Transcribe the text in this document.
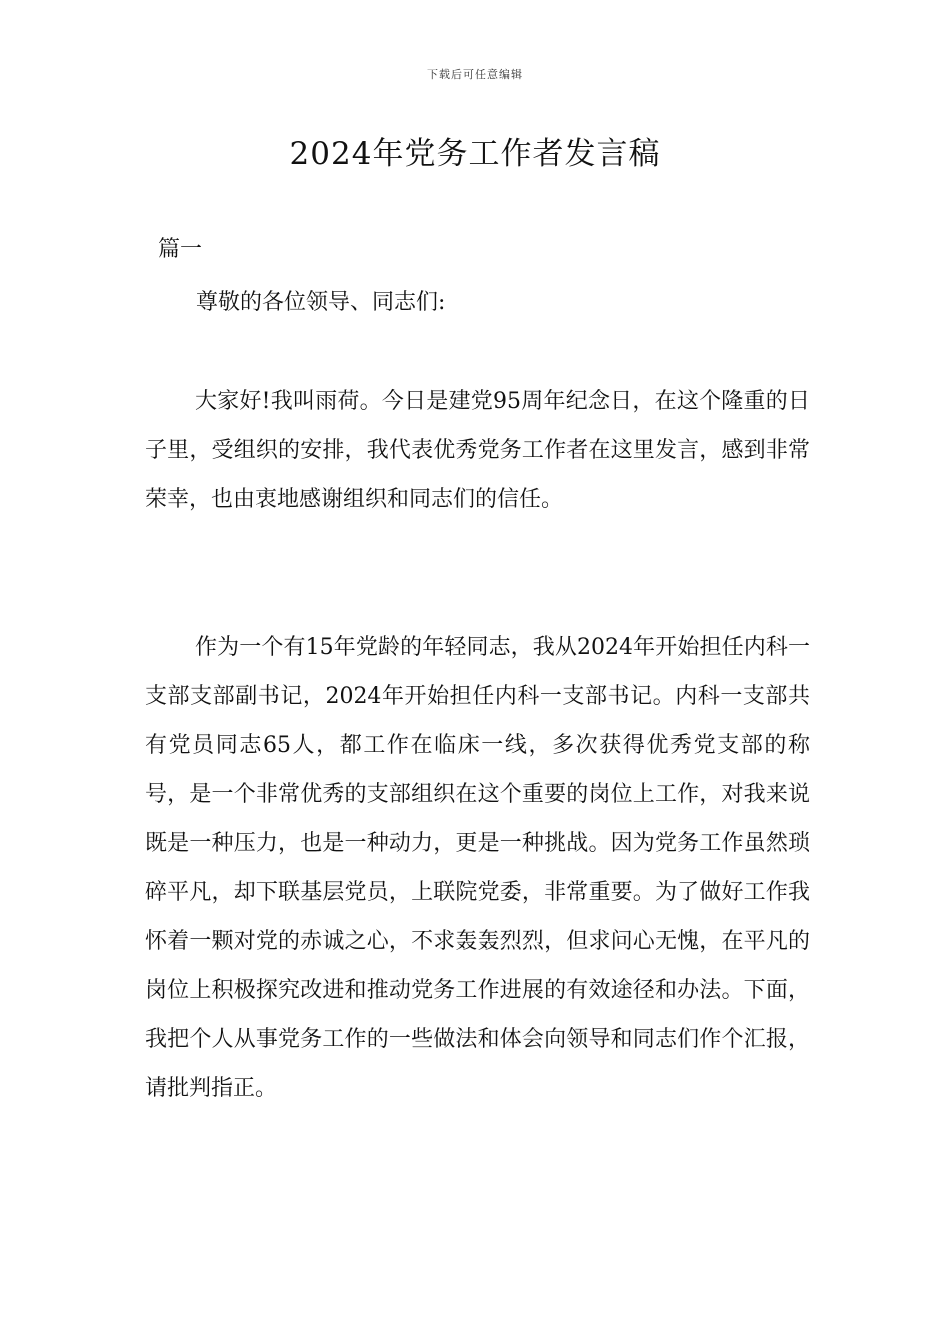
下载后可任意编辑
2024年党务工作者发言稿
篇一
尊敬的各位领导、同志们:

大家好!我叫雨荷。今日是建党95周年纪念日，在这个隆重的日子里，受组织的安排，我代表优秀党务工作者在这里发言，感到非常荣幸，也由衷地感谢组织和同志们的信任。

作为一个有15年党龄的年轻同志，我从2024年开始担任内科一支部支部副书记，2024年开始担任内科一支部书记。内科一支部共有党员同志65人，都工作在临床一线，多次获得优秀党支部的称号，是一个非常优秀的支部组织在这个重要的岗位上工作，对我来说既是一种压力，也是一种动力，更是一种挑战。因为党务工作虽然琐碎平凡，却下联基层党员，上联院党委，非常重要。为了做好工作我怀着一颗对党的赤诚之心，不求轰轰烈烈，但求问心无愧，在平凡的岗位上积极探究改进和推动党务工作进展的有效途径和办法。下面，我把个人从事党务工作的一些做法和体会向领导和同志们作个汇报，请批判指正。
